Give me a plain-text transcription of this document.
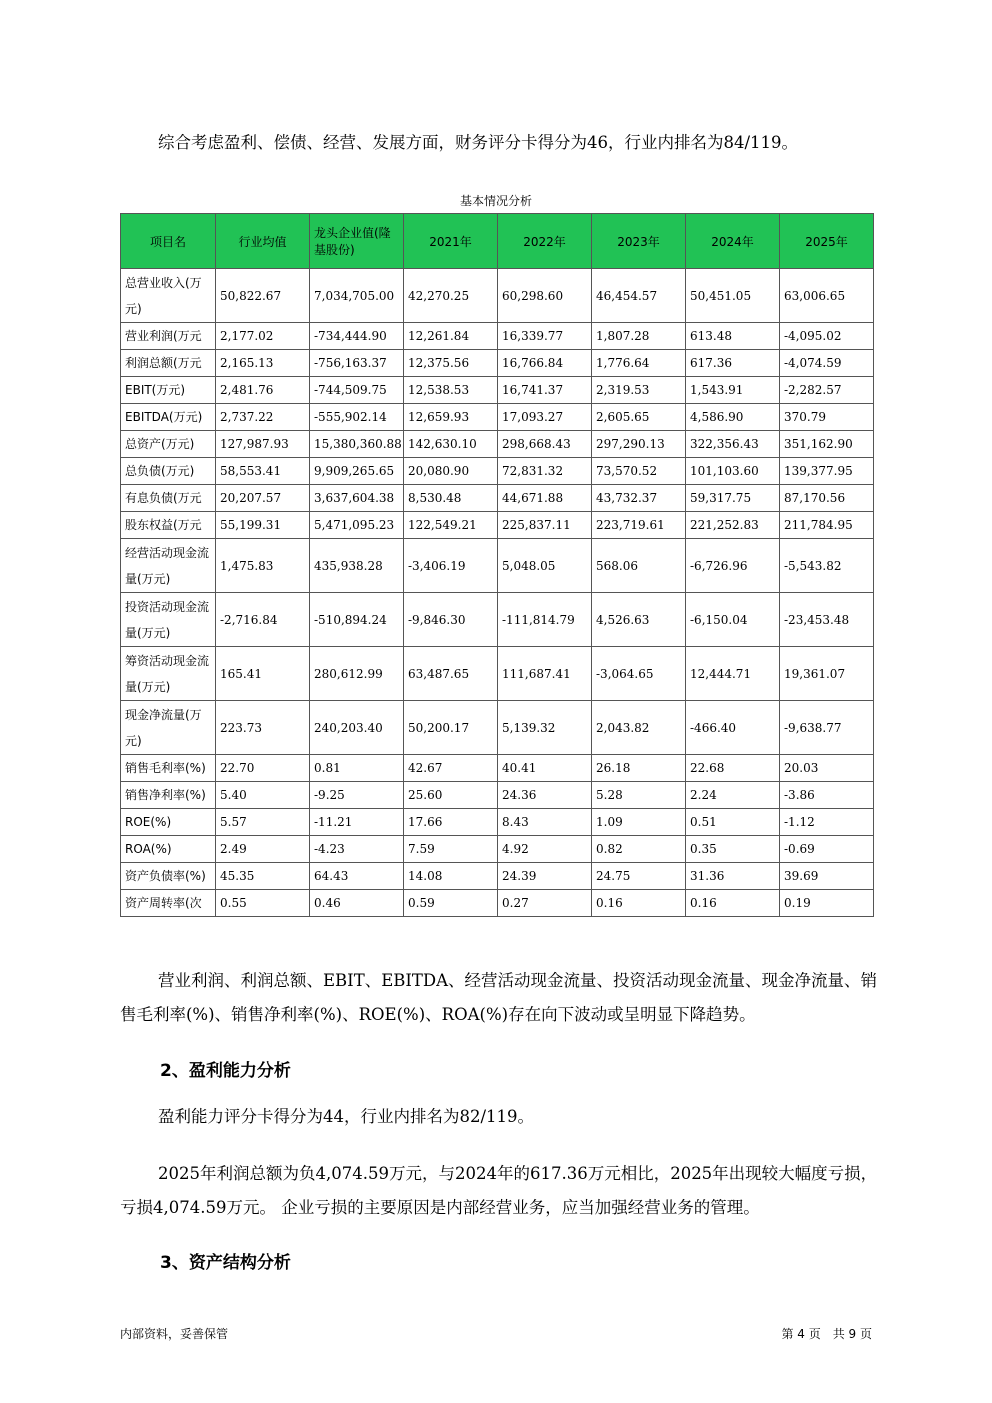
综合考虑盈利、偿债、经营、发展方面，财务评分卡得分为46，行业内排名为84/119。

基本情况分析
项目名	行业均值	龙头企业值(隆基股份)	2021年	2022年	2023年	2024年	2025年
总营业收入(万元)	50,822.67	7,034,705.00	42,270.25	60,298.60	46,454.57	50,451.05	63,006.65
营业利润(万元	2,177.02	-734,444.90	12,261.84	16,339.77	1,807.28	613.48	-4,095.02
利润总额(万元	2,165.13	-756,163.37	12,375.56	16,766.84	1,776.64	617.36	-4,074.59
EBIT(万元)	2,481.76	-744,509.75	12,538.53	16,741.37	2,319.53	1,543.91	-2,282.57
EBITDA(万元)	2,737.22	-555,902.14	12,659.93	17,093.27	2,605.65	4,586.90	370.79
总资产(万元)	127,987.93	15,380,360.88	142,630.10	298,668.43	297,290.13	322,356.43	351,162.90
总负债(万元)	58,553.41	9,909,265.65	20,080.90	72,831.32	73,570.52	101,103.60	139,377.95
有息负债(万元	20,207.57	3,637,604.38	8,530.48	44,671.88	43,732.37	59,317.75	87,170.56
股东权益(万元	55,199.31	5,471,095.23	122,549.21	225,837.11	223,719.61	221,252.83	211,784.95
经营活动现金流量(万元)	1,475.83	435,938.28	-3,406.19	5,048.05	568.06	-6,726.96	-5,543.82
投资活动现金流量(万元)	-2,716.84	-510,894.24	-9,846.30	-111,814.79	4,526.63	-6,150.04	-23,453.48
筹资活动现金流量(万元)	165.41	280,612.99	63,487.65	111,687.41	-3,064.65	12,444.71	19,361.07
现金净流量(万元)	223.73	240,203.40	50,200.17	5,139.32	2,043.82	-466.40	-9,638.77
销售毛利率(%)	22.70	0.81	42.67	40.41	26.18	22.68	20.03
销售净利率(%)	5.40	-9.25	25.60	24.36	5.28	2.24	-3.86
ROE(%)	5.57	-11.21	17.66	8.43	1.09	0.51	-1.12
ROA(%)	2.49	-4.23	7.59	4.92	0.82	0.35	-0.69
资产负债率(%)	45.35	64.43	14.08	24.39	24.75	31.36	39.69
资产周转率(次	0.55	0.46	0.59	0.27	0.16	0.16	0.19

营业利润、利润总额、EBIT、EBITDA、经营活动现金流量、投资活动现金流量、现金净流量、销售毛利率(%)、销售净利率(%)、ROE(%)、ROA(%)存在向下波动或呈明显下降趋势。

2、盈利能力分析

盈利能力评分卡得分为44，行业内排名为82/119。

2025年利润总额为负4,074.59万元，与2024年的617.36万元相比，2025年出现较大幅度亏损，亏损4,074.59万元。 企业亏损的主要原因是内部经营业务，应当加强经营业务的管理。

3、资产结构分析
内部资料，妥善保管	第 4 页　共 9 页
